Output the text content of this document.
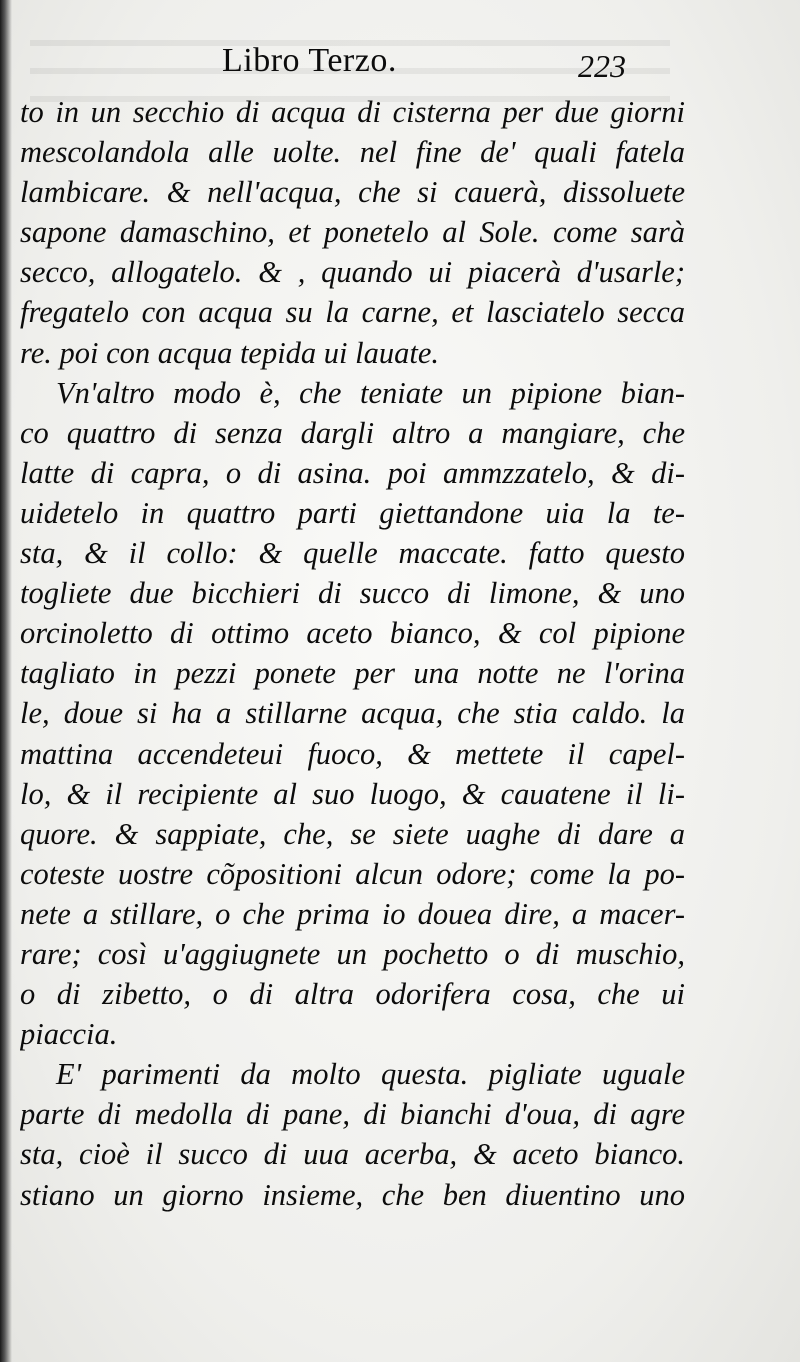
Libro Terzo.	223
to in un secchio di acqua di cisterna per due giorni
mescolandola alle uolte. nel fine de' quali fatela
lambicare. & nell'acqua, che si cauerà, dissoluete
sapone damaschino, et ponetelo al Sole. come sarà
secco, allogatelo. & , quando ui piacerà d'usarle;
fregatelo con acqua su la carne, et lasciatelo secca
re. poi con acqua tepida ui lauate.
Vn'altro modo è, che teniate un pipione bian-
co quattro di senza dargli altro a mangiare, che
latte di capra, o di asina. poi ammzzatelo, & di-
uidetelo in quattro parti giettandone uia la te-
sta, & il collo: & quelle maccate. fatto questo
togliete due bicchieri di succo di limone, & uno
orcinoletto di ottimo aceto bianco, & col pipione
tagliato in pezzi ponete per una notte ne l'orina
le, doue si ha a stillarne acqua, che stia caldo. la
mattina accendeteui fuoco, & mettete il capel-
lo, & il recipiente al suo luogo, & cauatene il li-
quore. & sappiate, che, se siete uaghe di dare a
coteste uostre cõpositioni alcun odore; come la po-
nete a stillare, o che prima io douea dire, a macer-
rare; così u'aggiugnete un pochetto o di muschio,
o di zibetto, o di altra odorifera cosa, che ui
piaccia.
E' parimenti da molto questa. pigliate uguale
parte di medolla di pane, di bianchi d'oua, di agre
sta, cioè il succo di uua acerba, & aceto bianco.
stiano un giorno insieme, che ben diuentino uno
